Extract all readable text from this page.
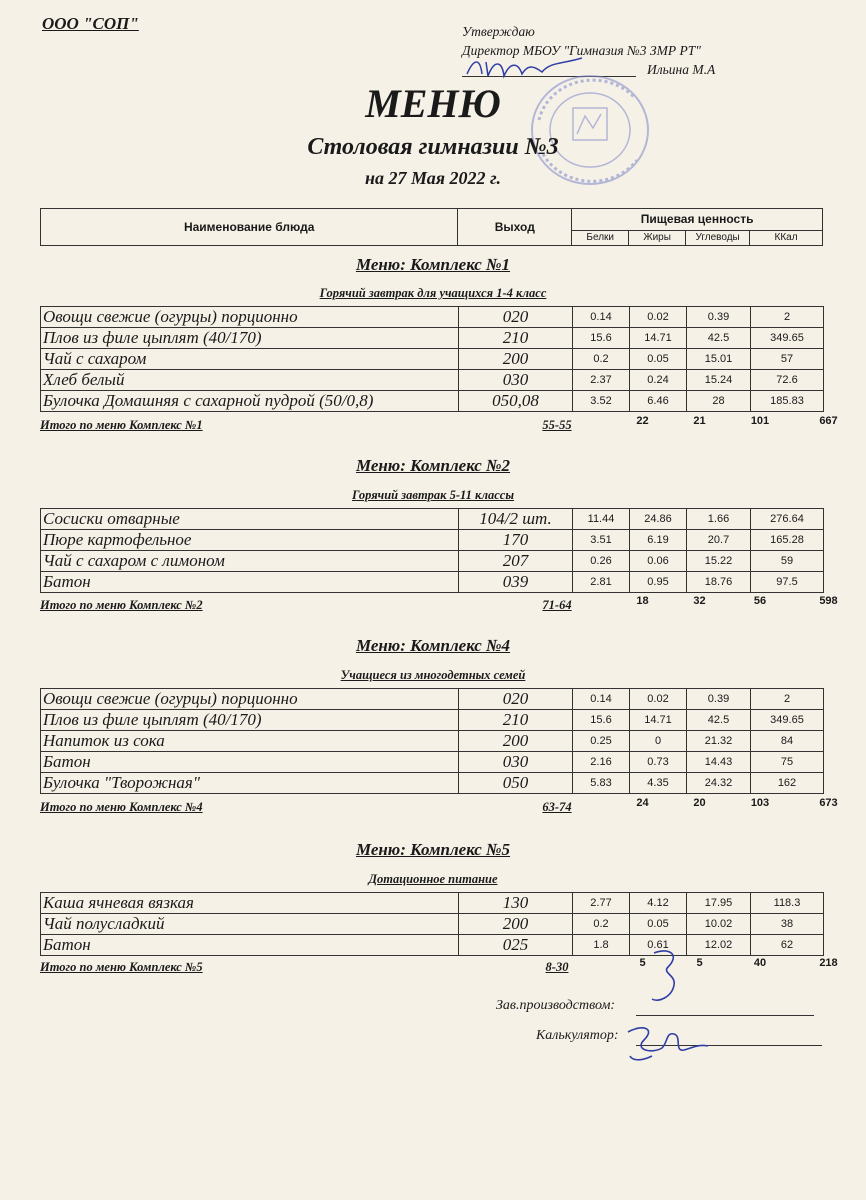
ООО "СОП"	Утверждаю
Директор МБОУ "Гимназия №3 ЗМР РТ"
Ильина М.А
МЕНЮ
Столовая гимназии №3
на 27 Мая 2022 г.
Наименование блюда	Выход	Пищевая ценность			
		Белки	Жиры	Углеводы	ККал
Меню: Комплекс №1
Горячий завтрак для учащихся 1-4 класс
Овощи свежие (огурцы) порционно	020	0.14	0.02	0.39	2
Плов из филе цыплят (40/170)	210	15.6	14.71	42.5	349.65
Чай с сахаром	200	0.2	0.05	15.01	57
Хлеб белый	030	2.37	0.24	15.24	72.6
Булочка Домашняя с сахарной пудрой (50/0,8)	050,08	3.52	6.46	28	185.83
Итого по меню Комплекс №1	55-55	22	21	101	667
Меню: Комплекс №2
Горячий завтрак 5-11 классы
Сосиски отварные	104/2 шт.	11.44	24.86	1.66	276.64
Пюре картофельное	170	3.51	6.19	20.7	165.28
Чай с сахаром с лимоном	207	0.26	0.06	15.22	59
Батон	039	2.81	0.95	18.76	97.5
Итого по меню Комплекс №2	71-64	18	32	56	598
Меню: Комплекс №4
Учащиеся из многодетных семей
Овощи свежие (огурцы) порционно	020	0.14	0.02	0.39	2
Плов из филе цыплят (40/170)	210	15.6	14.71	42.5	349.65
Напиток из сока	200	0.25	0	21.32	84
Батон	030	2.16	0.73	14.43	75
Булочка "Творожная"	050	5.83	4.35	24.32	162
Итого по меню Комплекс №4	63-74	24	20	103	673
Меню: Комплекс №5
Дотационное питание
Каша ячневая вязкая	130	2.77	4.12	17.95	118.3
Чай полусладкий	200	0.2	0.05	10.02	38
Батон	025	1.8	0.61	12.02	62
Итого по меню Комплекс №5	8-30	5	5	40	218
Зав.производством:
Калькулятор:
